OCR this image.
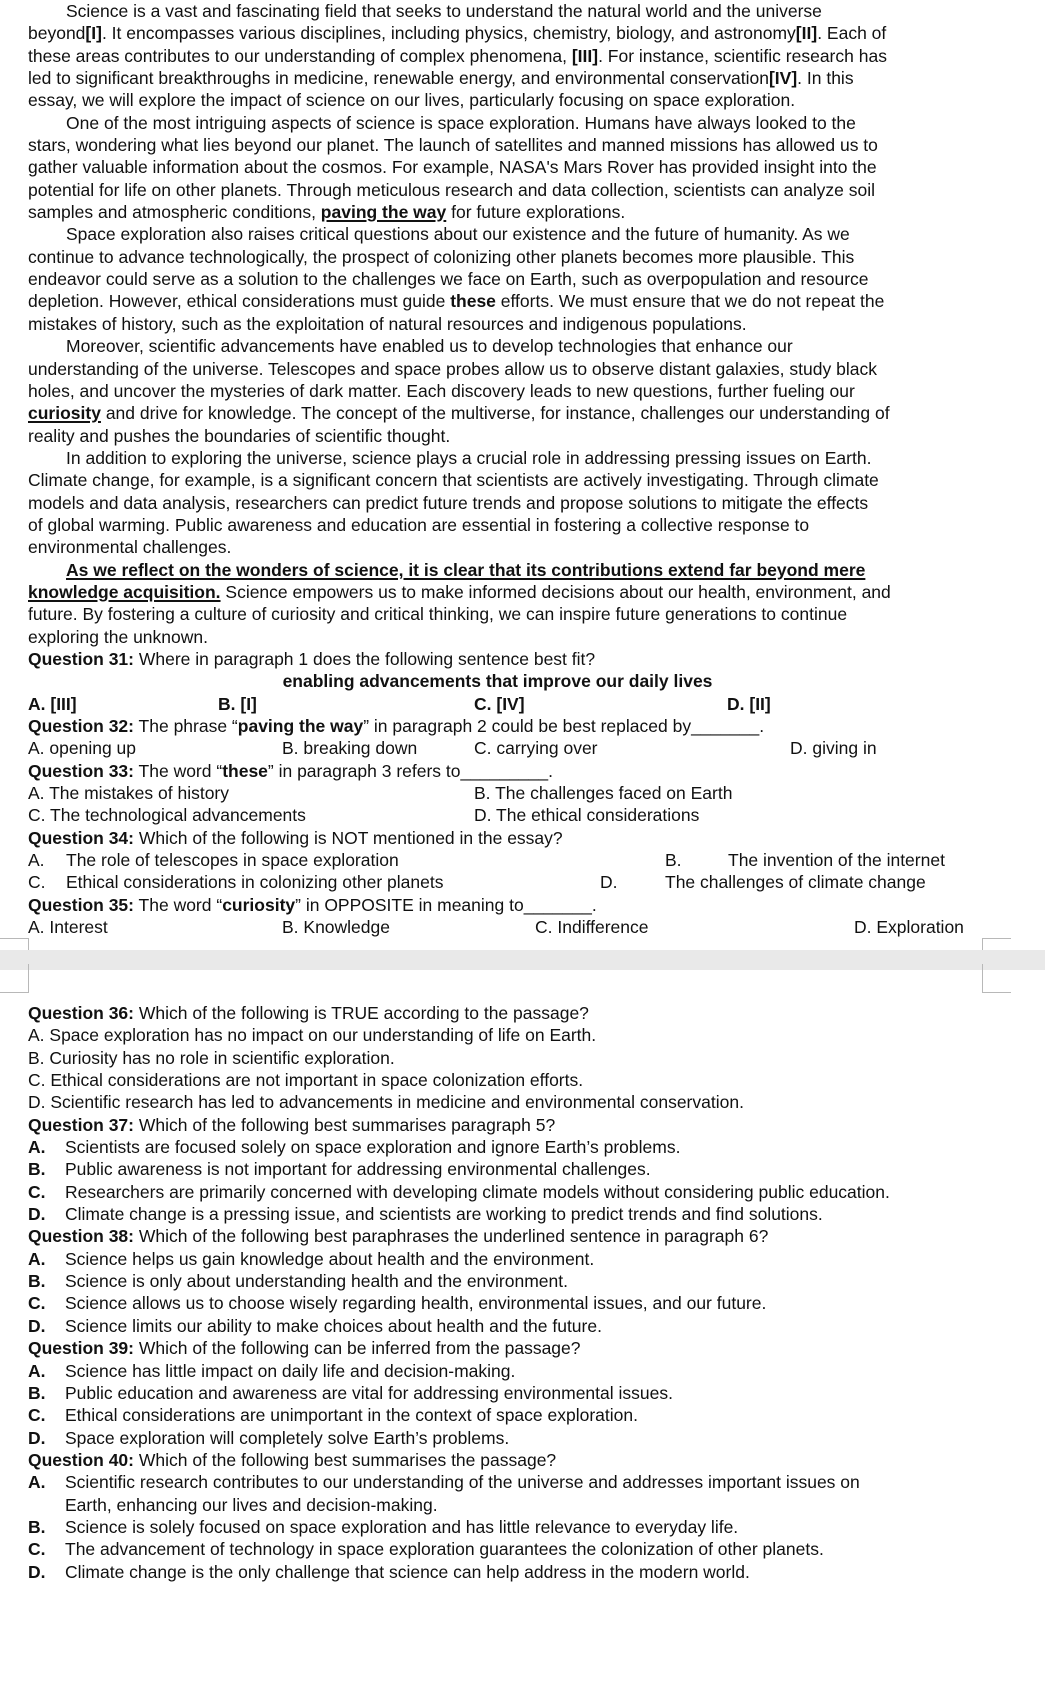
Science is a vast and fascinating field that seeks to understand the natural world and the universe
beyond[I]. It encompasses various disciplines, including physics, chemistry, biology, and astronomy[II]. Each of
these areas contributes to our understanding of complex phenomena, [III]. For instance, scientific research has
led to significant breakthroughs in medicine, renewable energy, and environmental conservation[IV]. In this
essay, we will explore the impact of science on our lives, particularly focusing on space exploration.
One of the most intriguing aspects of science is space exploration. Humans have always looked to the
stars, wondering what lies beyond our planet. The launch of satellites and manned missions has allowed us to
gather valuable information about the cosmos. For example, NASA's Mars Rover has provided insight into the
potential for life on other planets. Through meticulous research and data collection, scientists can analyze soil
samples and atmospheric conditions, paving the way for future explorations.
Space exploration also raises critical questions about our existence and the future of humanity. As we
continue to advance technologically, the prospect of colonizing other planets becomes more plausible. This
endeavor could serve as a solution to the challenges we face on Earth, such as overpopulation and resource
depletion. However, ethical considerations must guide these efforts. We must ensure that we do not repeat the
mistakes of history, such as the exploitation of natural resources and indigenous populations.
Moreover, scientific advancements have enabled us to develop technologies that enhance our
understanding of the universe. Telescopes and space probes allow us to observe distant galaxies, study black
holes, and uncover the mysteries of dark matter. Each discovery leads to new questions, further fueling our
curiosity and drive for knowledge. The concept of the multiverse, for instance, challenges our understanding of
reality and pushes the boundaries of scientific thought.
In addition to exploring the universe, science plays a crucial role in addressing pressing issues on Earth.
Climate change, for example, is a significant concern that scientists are actively investigating. Through climate
models and data analysis, researchers can predict future trends and propose solutions to mitigate the effects
of global warming. Public awareness and education are essential in fostering a collective response to
environmental challenges.
As we reflect on the wonders of science, it is clear that its contributions extend far beyond mere
knowledge acquisition. Science empowers us to make informed decisions about our health, environment, and
future. By fostering a culture of curiosity and critical thinking, we can inspire future generations to continue
exploring the unknown.
Question 31: Where in paragraph 1 does the following sentence best fit?
enabling advancements that improve our daily lives
A. [III]	B. [I]	C. [IV]	D. [II]
Question 32: The phrase “paving the way” in paragraph 2 could be best replaced by_______.
A. opening up	B. breaking down	C. carrying over	D. giving in
Question 33: The word “these” in paragraph 3 refers to_________.
A. The mistakes of history	B. The challenges faced on Earth
C. The technological advancements	D. The ethical considerations
Question 34: Which of the following is NOT mentioned in the essay?
A. The role of telescopes in space exploration	B.	The invention of the internet
C. Ethical considerations in colonizing other planets	D.	The challenges of climate change
Question 35: The word “curiosity” in OPPOSITE in meaning to_______.
A. Interest	B. Knowledge	C. Indifference	D. Exploration
Question 36: Which of the following is TRUE according to the passage?
A. Space exploration has no impact on our understanding of life on Earth.
B. Curiosity has no role in scientific exploration.
C. Ethical considerations are not important in space colonization efforts.
D. Scientific research has led to advancements in medicine and environmental conservation.
Question 37: Which of the following best summarises paragraph 5?
A. Scientists are focused solely on space exploration and ignore Earth’s problems.
B. Public awareness is not important for addressing environmental challenges.
C. Researchers are primarily concerned with developing climate models without considering public education.
D. Climate change is a pressing issue, and scientists are working to predict trends and find solutions.
Question 38: Which of the following best paraphrases the underlined sentence in paragraph 6?
A. Science helps us gain knowledge about health and the environment.
B. Science is only about understanding health and the environment.
C. Science allows us to choose wisely regarding health, environmental issues, and our future.
D. Science limits our ability to make choices about health and the future.
Question 39: Which of the following can be inferred from the passage?
A. Science has little impact on daily life and decision-making.
B. Public education and awareness are vital for addressing environmental issues.
C. Ethical considerations are unimportant in the context of space exploration.
D. Space exploration will completely solve Earth’s problems.
Question 40: Which of the following best summarises the passage?
A. Scientific research contributes to our understanding of the universe and addresses important issues on
Earth, enhancing our lives and decision-making.
B. Science is solely focused on space exploration and has little relevance to everyday life.
C. The advancement of technology in space exploration guarantees the colonization of other planets.
D. Climate change is the only challenge that science can help address in the modern world.
